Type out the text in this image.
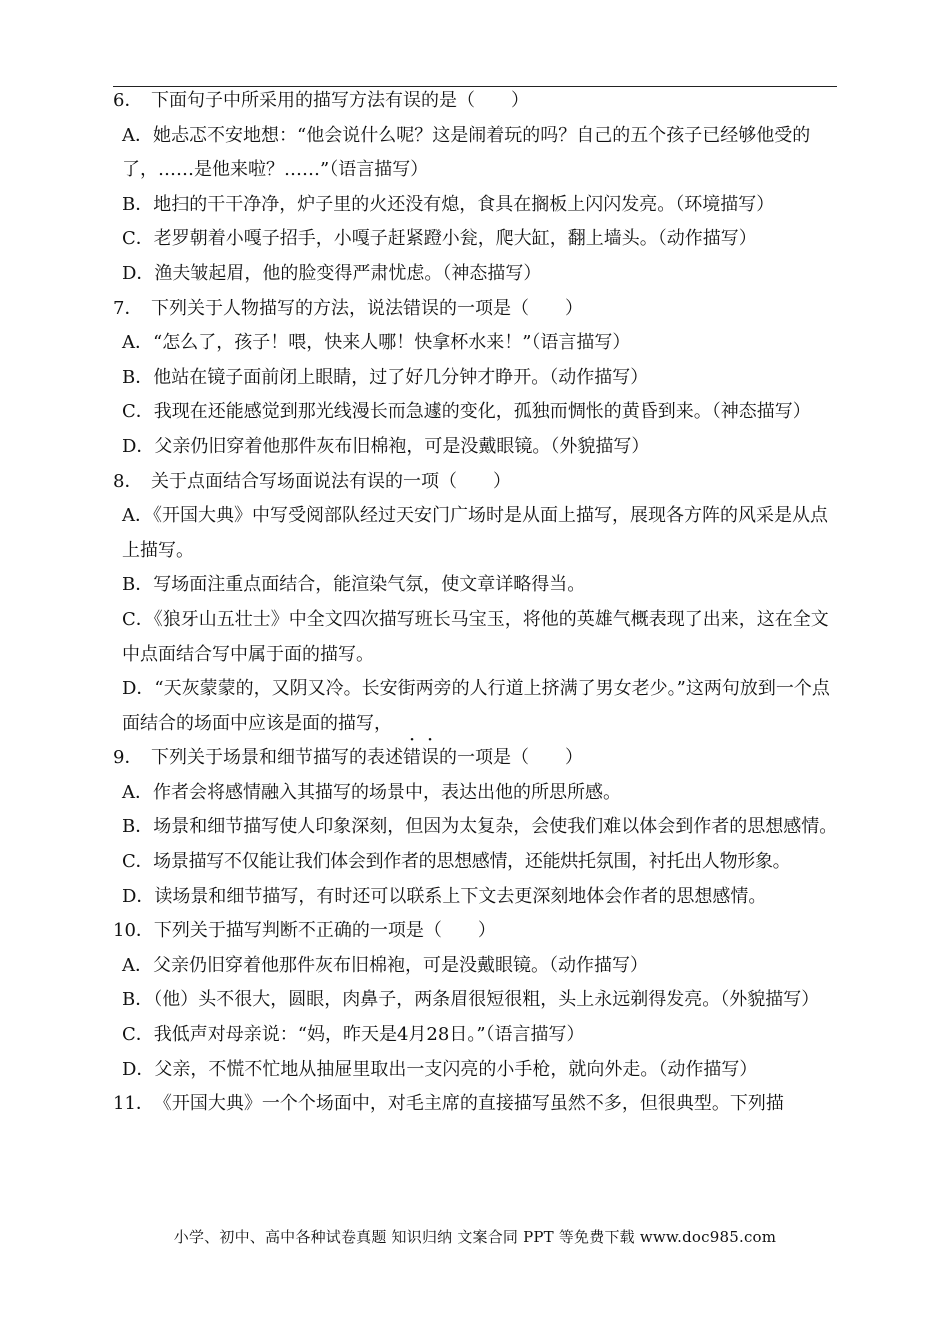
6． 下面句子中所采用的描写方法有误的是（　　）

A．她忐忑不安地想：“他会说什么呢？这是闹着玩的吗？自己的五个孩子已经够他受的了，……是他来啦？……”（语言描写）

B．地扫的干干净净，炉子里的火还没有熄，食具在搁板上闪闪发亮。（环境描写）

C．老罗朝着小嘎子招手，小嘎子赶紧蹬小瓮，爬大缸，翻上墙头。（动作描写）

D．渔夫皱起眉，他的脸变得严肃忧虑。（神态描写）

7． 下列关于人物描写的方法，说法错误的一项是（　　）

A．“怎么了，孩子！喂，快来人哪！快拿杯水来！”（语言描写）

B．他站在镜子面前闭上眼睛，过了好几分钟才睁开。（动作描写）

C．我现在还能感觉到那光线漫长而急遽的变化，孤独而惆怅的黄昏到来。（神态描写）

D．父亲仍旧穿着他那件灰布旧棉袍，可是没戴眼镜。（外貌描写）

8． 关于点面结合写场面说法有误的一项（　　）

A．《开国大典》中写受阅部队经过天安门广场时是从面上描写，展现各方阵的风采是从点上描写。

B．写场面注重点面结合，能渲染气氛，使文章详略得当。

C．《狼牙山五壮士》中全文四次描写班长马宝玉，将他的英雄气概表现了出来，这在全文中点面结合写中属于面的描写。

D．“天灰蒙蒙的，又阴又冷。长安街两旁的人行道上挤满了男女老少。”这两句放到一个点面结合的场面中应该是面的描写，

9． 下列关于场景和细节描写的表述错误的一项是（　　）

A．作者会将感情融入其描写的场景中，表达出他的所思所感。

B．场景和细节描写使人印象深刻，但因为太复杂，会使我们难以体会到作者的思想感情。

C．场景描写不仅能让我们体会到作者的思想感情，还能烘托氛围，衬托出人物形象。

D．读场景和细节描写，有时还可以联系上下文去更深刻地体会作者的思想感情。

10．下列关于描写判断不正确的一项是（　　）

A．父亲仍旧穿着他那件灰布旧棉袍，可是没戴眼镜。（动作描写）

B．（他）头不很大，圆眼，肉鼻子，两条眉很短很粗，头上永远剃得发亮。（外貌描写）

C．我低声对母亲说：“妈，昨天是4月28日。”（语言描写）

D．父亲，不慌不忙地从抽屉里取出一支闪亮的小手枪，就向外走。（动作描写）

11．《开国大典》一个个场面中，对毛主席的直接描写虽然不多，但很典型。下列描

小学、初中、高中各种试卷真题 知识归纳 文案合同 PPT 等免费下载 www.doc985.com
